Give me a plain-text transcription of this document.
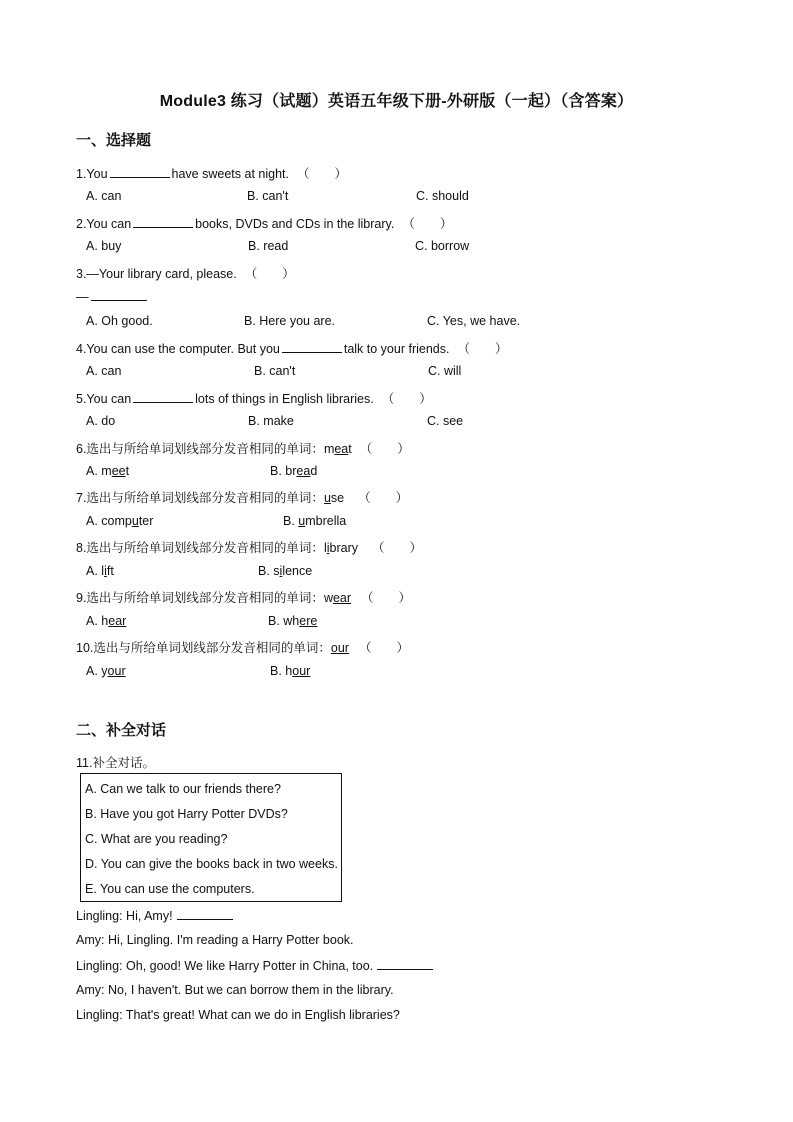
Module3 练习（试题）英语五年级下册-外研版（一起）（含答案）
一、选择题
1.You	have sweets at night. （　　）
A. can	B. can't	C. should
2.You can	books, DVDs and CDs in the library. （　　）
A. buy	B. read	C. borrow
3.—Your library card, please. （　　）
—
A. Oh good.	B. Here you are.	C. Yes, we have.
4.You can use the computer. But you	talk to your friends. （　　）
A. can	B. can't	C. will
5.You can	lots of things in English libraries. （　　）
A. do	B. make	C. see
6.选出与所给单词划线部分发音相同的单词：meat （　　）
A. meet	B. bread
7.选出与所给单词划线部分发音相同的单词：use （　　）
A. computer	B. umbrella
8.选出与所给单词划线部分发音相同的单词：library （　　）
A. lift	B. silence
9.选出与所给单词划线部分发音相同的单词：wear （　　）
A. hear	B. where
10.选出与所给单词划线部分发音相同的单词：our （　　）
A. your	B. hour
二、补全对话
11.补全对话。
A. Can we talk to our friends there?
B. Have you got Harry Potter DVDs?
C. What are you reading?
D. You can give the books back in two weeks.
E. You can use the computers.
Lingling: Hi, Amy!
Amy: Hi, Lingling. I'm reading a Harry Potter book.
Lingling: Oh, good! We like Harry Potter in China, too.
Amy: No, I haven't. But we can borrow them in the library.
Lingling: That's great! What can we do in English libraries?
